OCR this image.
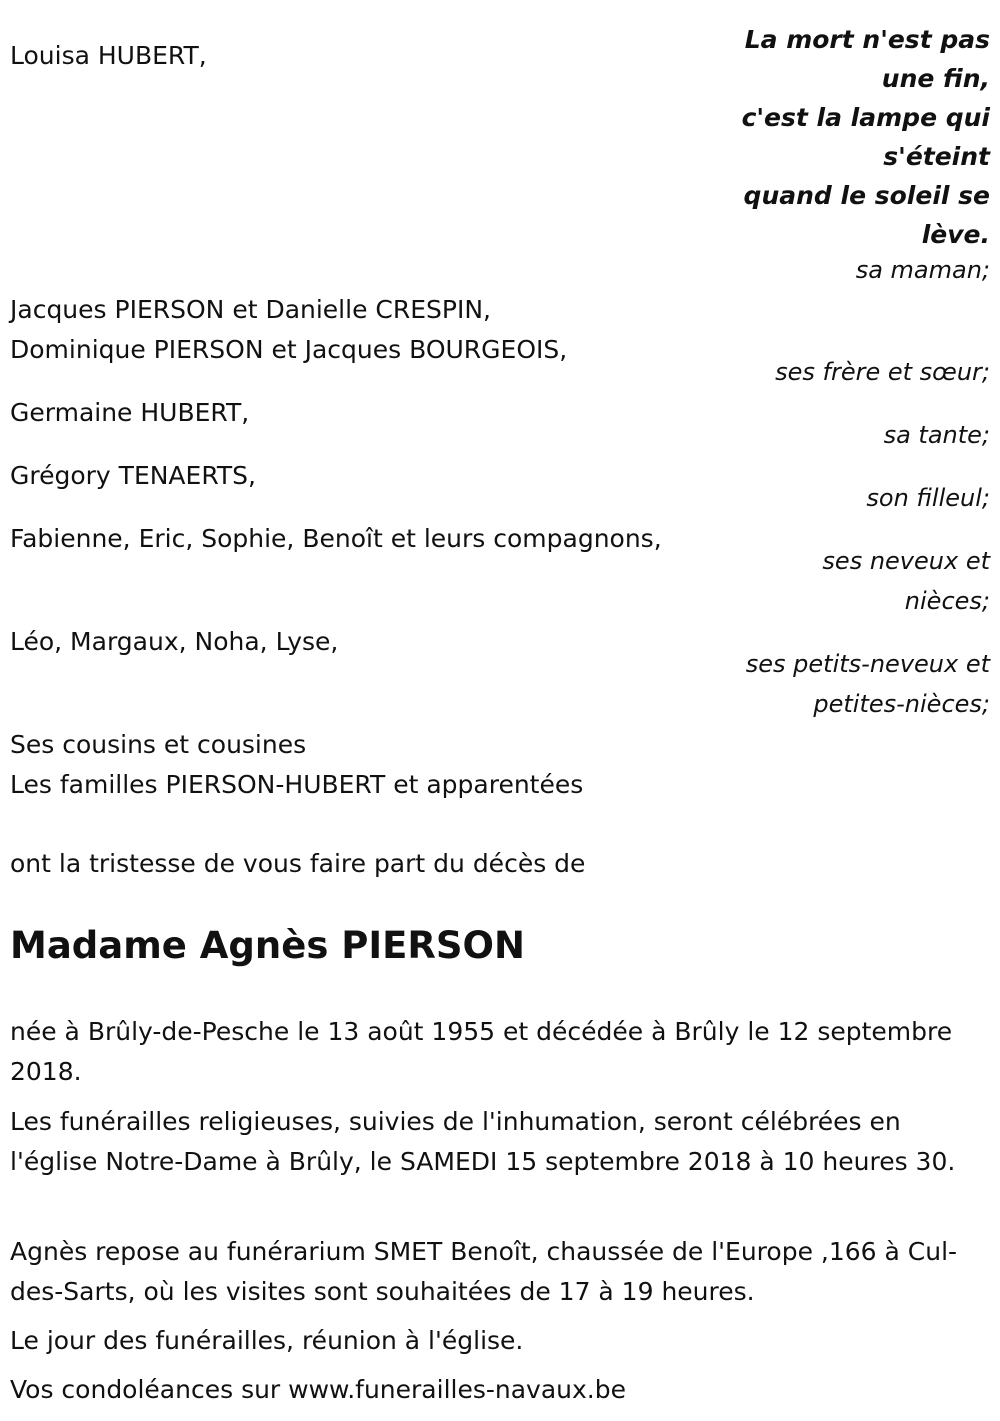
La mort n'est pas
une fin,
c'est la lampe qui
s'éteint
quand le soleil se
lève.

Louisa HUBERT,

sa maman;

Jacques PIERSON et Danielle CRESPIN,

Dominique PIERSON et Jacques BOURGEOIS,

ses frère et sœur;

Germaine HUBERT,

sa tante;

Grégory TENAERTS,

son filleul;

Fabienne, Eric, Sophie, Benoît et leurs compagnons,

ses neveux et

nièces;

Léo, Margaux, Noha, Lyse,

ses petits-neveux et

petites-nièces;

Ses cousins et cousines

Les familles PIERSON-HUBERT et apparentées

ont la tristesse de vous faire part du décès de

Madame Agnès PIERSON

née à Brûly-de-Pesche le 13 août 1955 et décédée à Brûly le 12 septembre 2018.

Les funérailles religieuses, suivies de l'inhumation, seront célébrées en l'église Notre-Dame à Brûly, le SAMEDI 15 septembre 2018 à 10 heures 30.

Agnès repose au funérarium SMET Benoît, chaussée de l'Europe ,166 à Cul-des-Sarts, où les visites sont souhaitées de 17 à 19 heures.

Le jour des funérailles, réunion à l'église.

Vos condoléances sur www.funerailles-navaux.be
